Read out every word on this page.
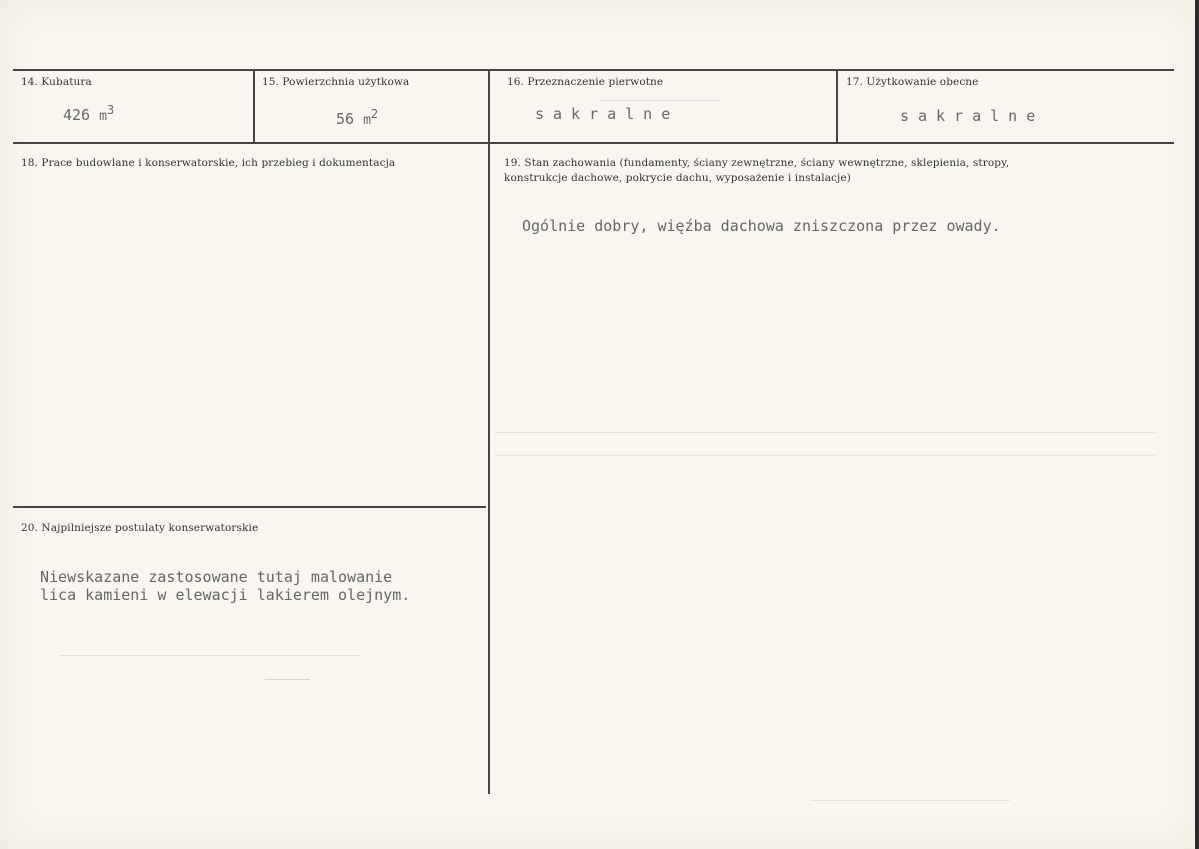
14. Kubatura
426 $m^3$
15. Powierzchnia użytkowa
56 $m^2$
16. Przeznaczenie pierwotne
sakralne
17. Użytkowanie obecne
sakralne
18. Prace budowlane i konserwatorskie, ich przebieg i dokumentacja	19. Stan zachowania (fundamenty, ściany zewnętrzne, ściany wewnętrzne, sklepienia, stropy,
konstrukcje dachowe, pokrycie dachu, wyposażenie i instalacje)
Ogólnie dobry, więźba dachowa zniszczona przez owady.
20. Najpilniejsze postulaty konserwatorskie
Niewskazane zastosowane tutaj malowanie
lica kamieni w elewacji lakierem olejnym.
